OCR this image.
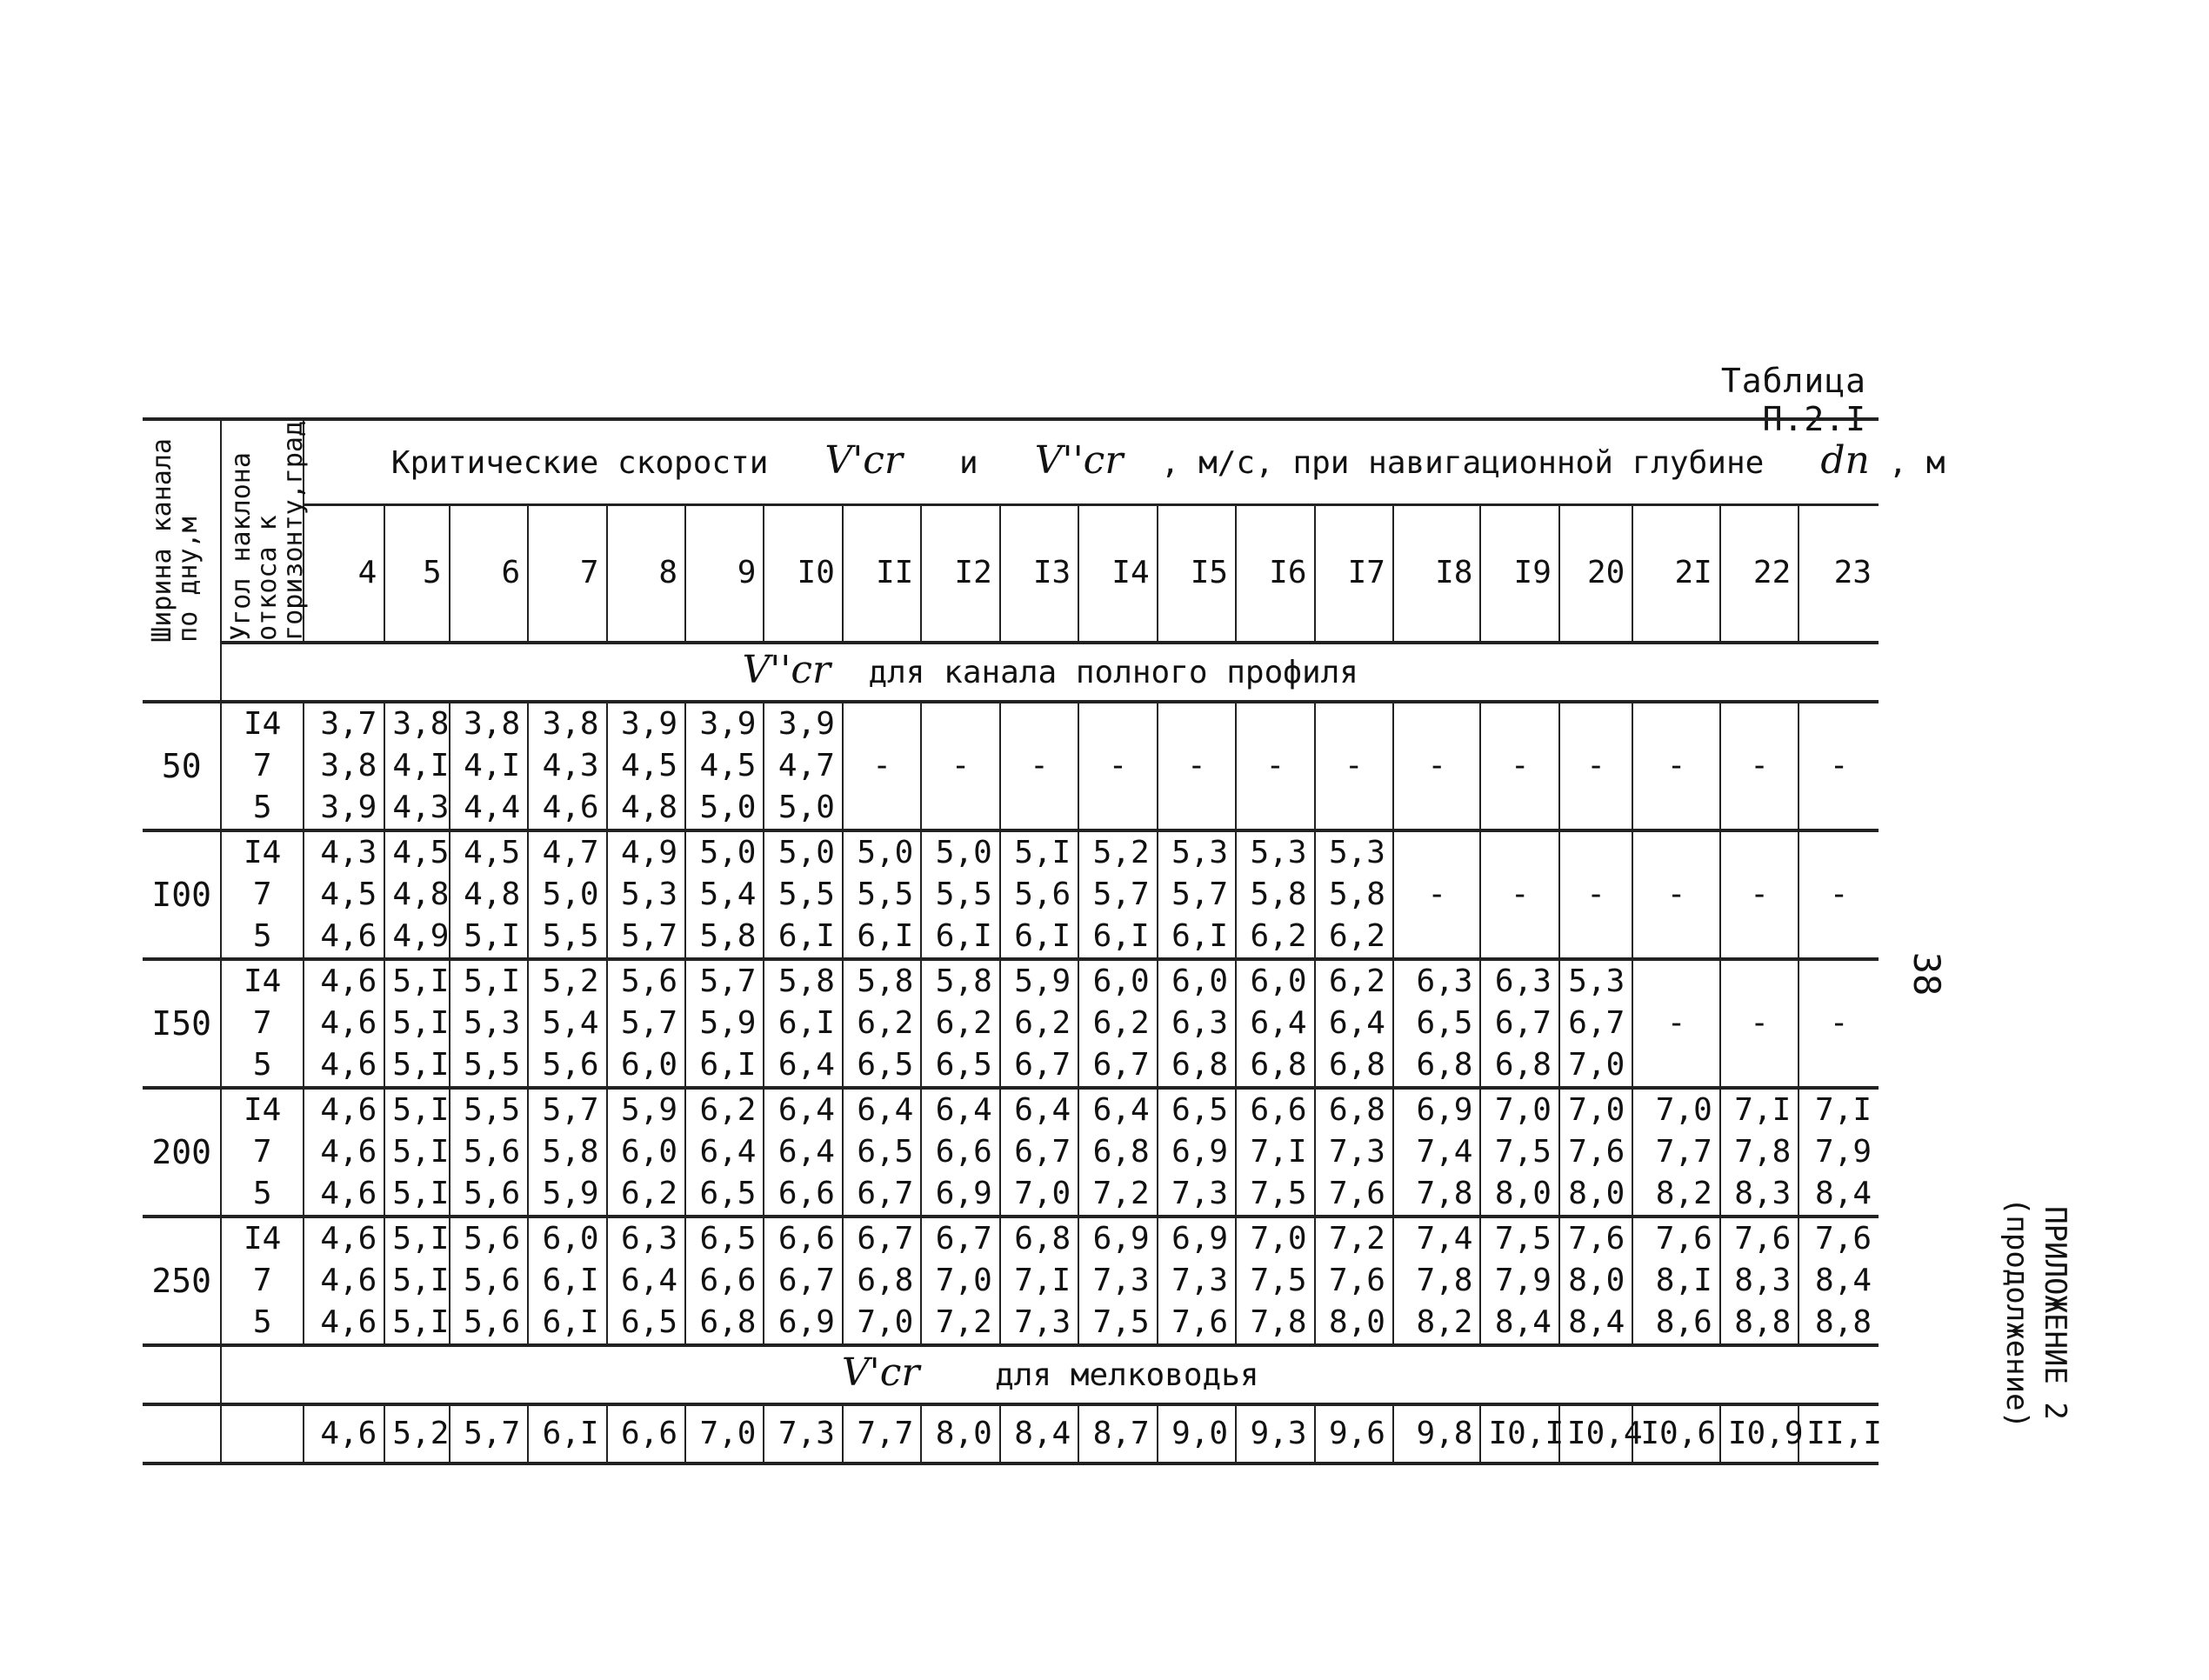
Таблица П.2.I
38
ПРИЛОЖЕНИЕ 2
(продолжение)
Ширина канала по дну,м	Угол наклона откоса к горизонту,град	Критические скорости V'cr и V''cr , м/с, при навигационной глубине dn , м																			
		4	5	6	7	8	9	I0	II	I2	I3	I4	I5	I6	I7	I8	I9	20	2I	22	23
	V''cr для канала полного профиля																				
50	I4	3,7	3,8	3,8	3,8	3,9	3,9	3,9	-	-	-	-	-	-	-	-	-	-	-	-	-
	7	3,8	4,I	4,I	4,3	4,5	4,5	4,7													
	5	3,9	4,3	4,4	4,6	4,8	5,0	5,0													
I00	I4	4,3	4,5	4,5	4,7	4,9	5,0	5,0	5,0	5,0	5,I	5,2	5,3	5,3	5,3	-	-	-	-	-	-
	7	4,5	4,8	4,8	5,0	5,3	5,4	5,5	5,5	5,5	5,6	5,7	5,7	5,8	5,8						
	5	4,6	4,9	5,I	5,5	5,7	5,8	6,I	6,I	6,I	6,I	6,I	6,I	6,2	6,2						
I50	I4	4,6	5,I	5,I	5,2	5,6	5,7	5,8	5,8	5,8	5,9	6,0	6,0	6,0	6,2	6,3	6,3	5,3	-	-	-
	7	4,6	5,I	5,3	5,4	5,7	5,9	6,I	6,2	6,2	6,2	6,2	6,3	6,4	6,4	6,5	6,7	6,7			
	5	4,6	5,I	5,5	5,6	6,0	6,I	6,4	6,5	6,5	6,7	6,7	6,8	6,8	6,8	6,8	6,8	7,0			
200	I4	4,6	5,I	5,5	5,7	5,9	6,2	6,4	6,4	6,4	6,4	6,4	6,5	6,6	6,8	6,9	7,0	7,0	7,0	7,I	7,I
	7	4,6	5,I	5,6	5,8	6,0	6,4	6,4	6,5	6,6	6,7	6,8	6,9	7,I	7,3	7,4	7,5	7,6	7,7	7,8	7,9
	5	4,6	5,I	5,6	5,9	6,2	6,5	6,6	6,7	6,9	7,0	7,2	7,3	7,5	7,6	7,8	8,0	8,0	8,2	8,3	8,4
250	I4	4,6	5,I	5,6	6,0	6,3	6,5	6,6	6,7	6,7	6,8	6,9	6,9	7,0	7,2	7,4	7,5	7,6	7,6	7,6	7,6
	7	4,6	5,I	5,6	6,I	6,4	6,6	6,7	6,8	7,0	7,I	7,3	7,3	7,5	7,6	7,8	7,9	8,0	8,I	8,3	8,4
	5	4,6	5,I	5,6	6,I	6,5	6,8	6,9	7,0	7,2	7,3	7,5	7,6	7,8	8,0	8,2	8,4	8,4	8,6	8,8	8,8
	V'cr для мелководья																				
		4,6	5,2	5,7	6,I	6,6	7,0	7,3	7,7	8,0	8,4	8,7	9,0	9,3	9,6	9,8	I0,I	I0,4	I0,6	I0,9	II,I
